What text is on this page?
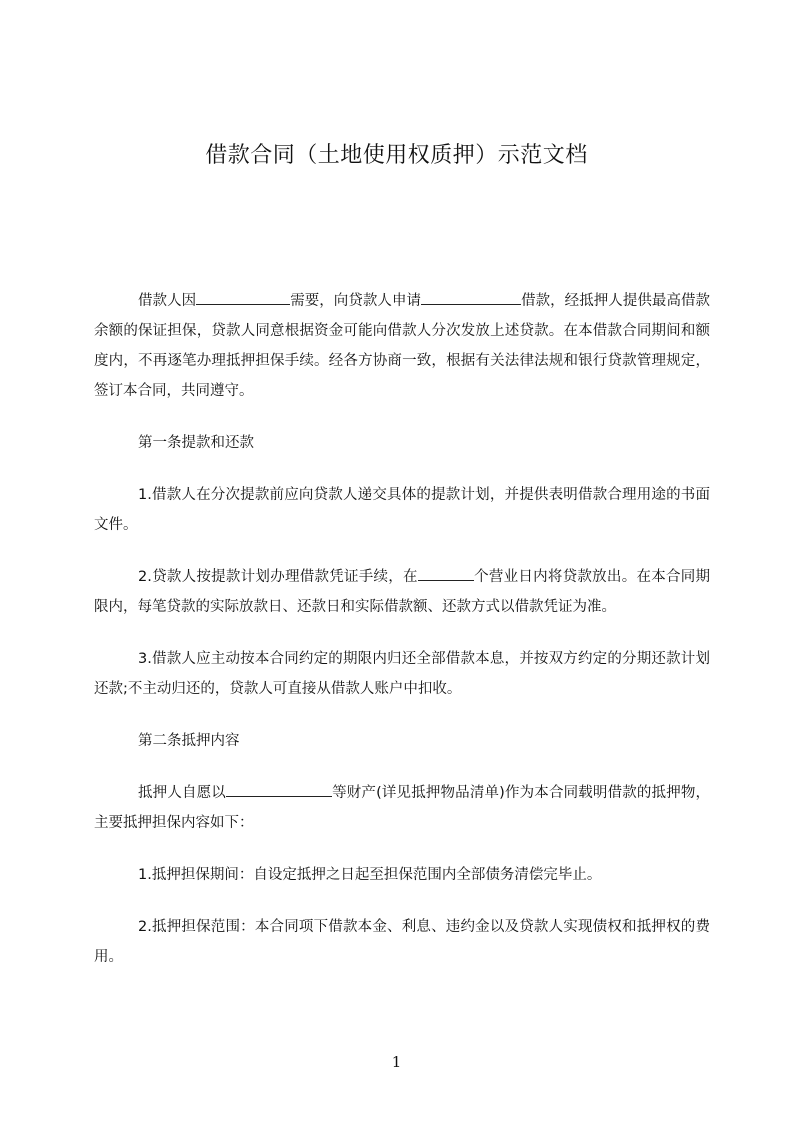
借款合同（土地使用权质押）示范文档

借款人因	需要，向贷款人申请	借款，经抵押人提供最高借款余额的保证担保，贷款人同意根据资金可能向借款人分次发放上述贷款。在本借款合同期间和额度内，不再逐笔办理抵押担保手续。经各方协商一致，根据有关法律法规和银行贷款管理规定，签订本合同，共同遵守。

第一条提款和还款

1.借款人在分次提款前应向贷款人递交具体的提款计划，并提供表明借款合理用途的书面文件。

2.贷款人按提款计划办理借款凭证手续，在	个营业日内将贷款放出。在本合同期限内，每笔贷款的实际放款日、还款日和实际借款额、还款方式以借款凭证为准。

3.借款人应主动按本合同约定的期限内归还全部借款本息，并按双方约定的分期还款计划还款;不主动归还的，贷款人可直接从借款人账户中扣收。

第二条抵押内容

抵押人自愿以	等财产(详见抵押物品清单)作为本合同载明借款的抵押物，主要抵押担保内容如下：

1.抵押担保期间：自设定抵押之日起至担保范围内全部债务清偿完毕止。

2.抵押担保范围：本合同项下借款本金、利息、违约金以及贷款人实现债权和抵押权的费用。

1
